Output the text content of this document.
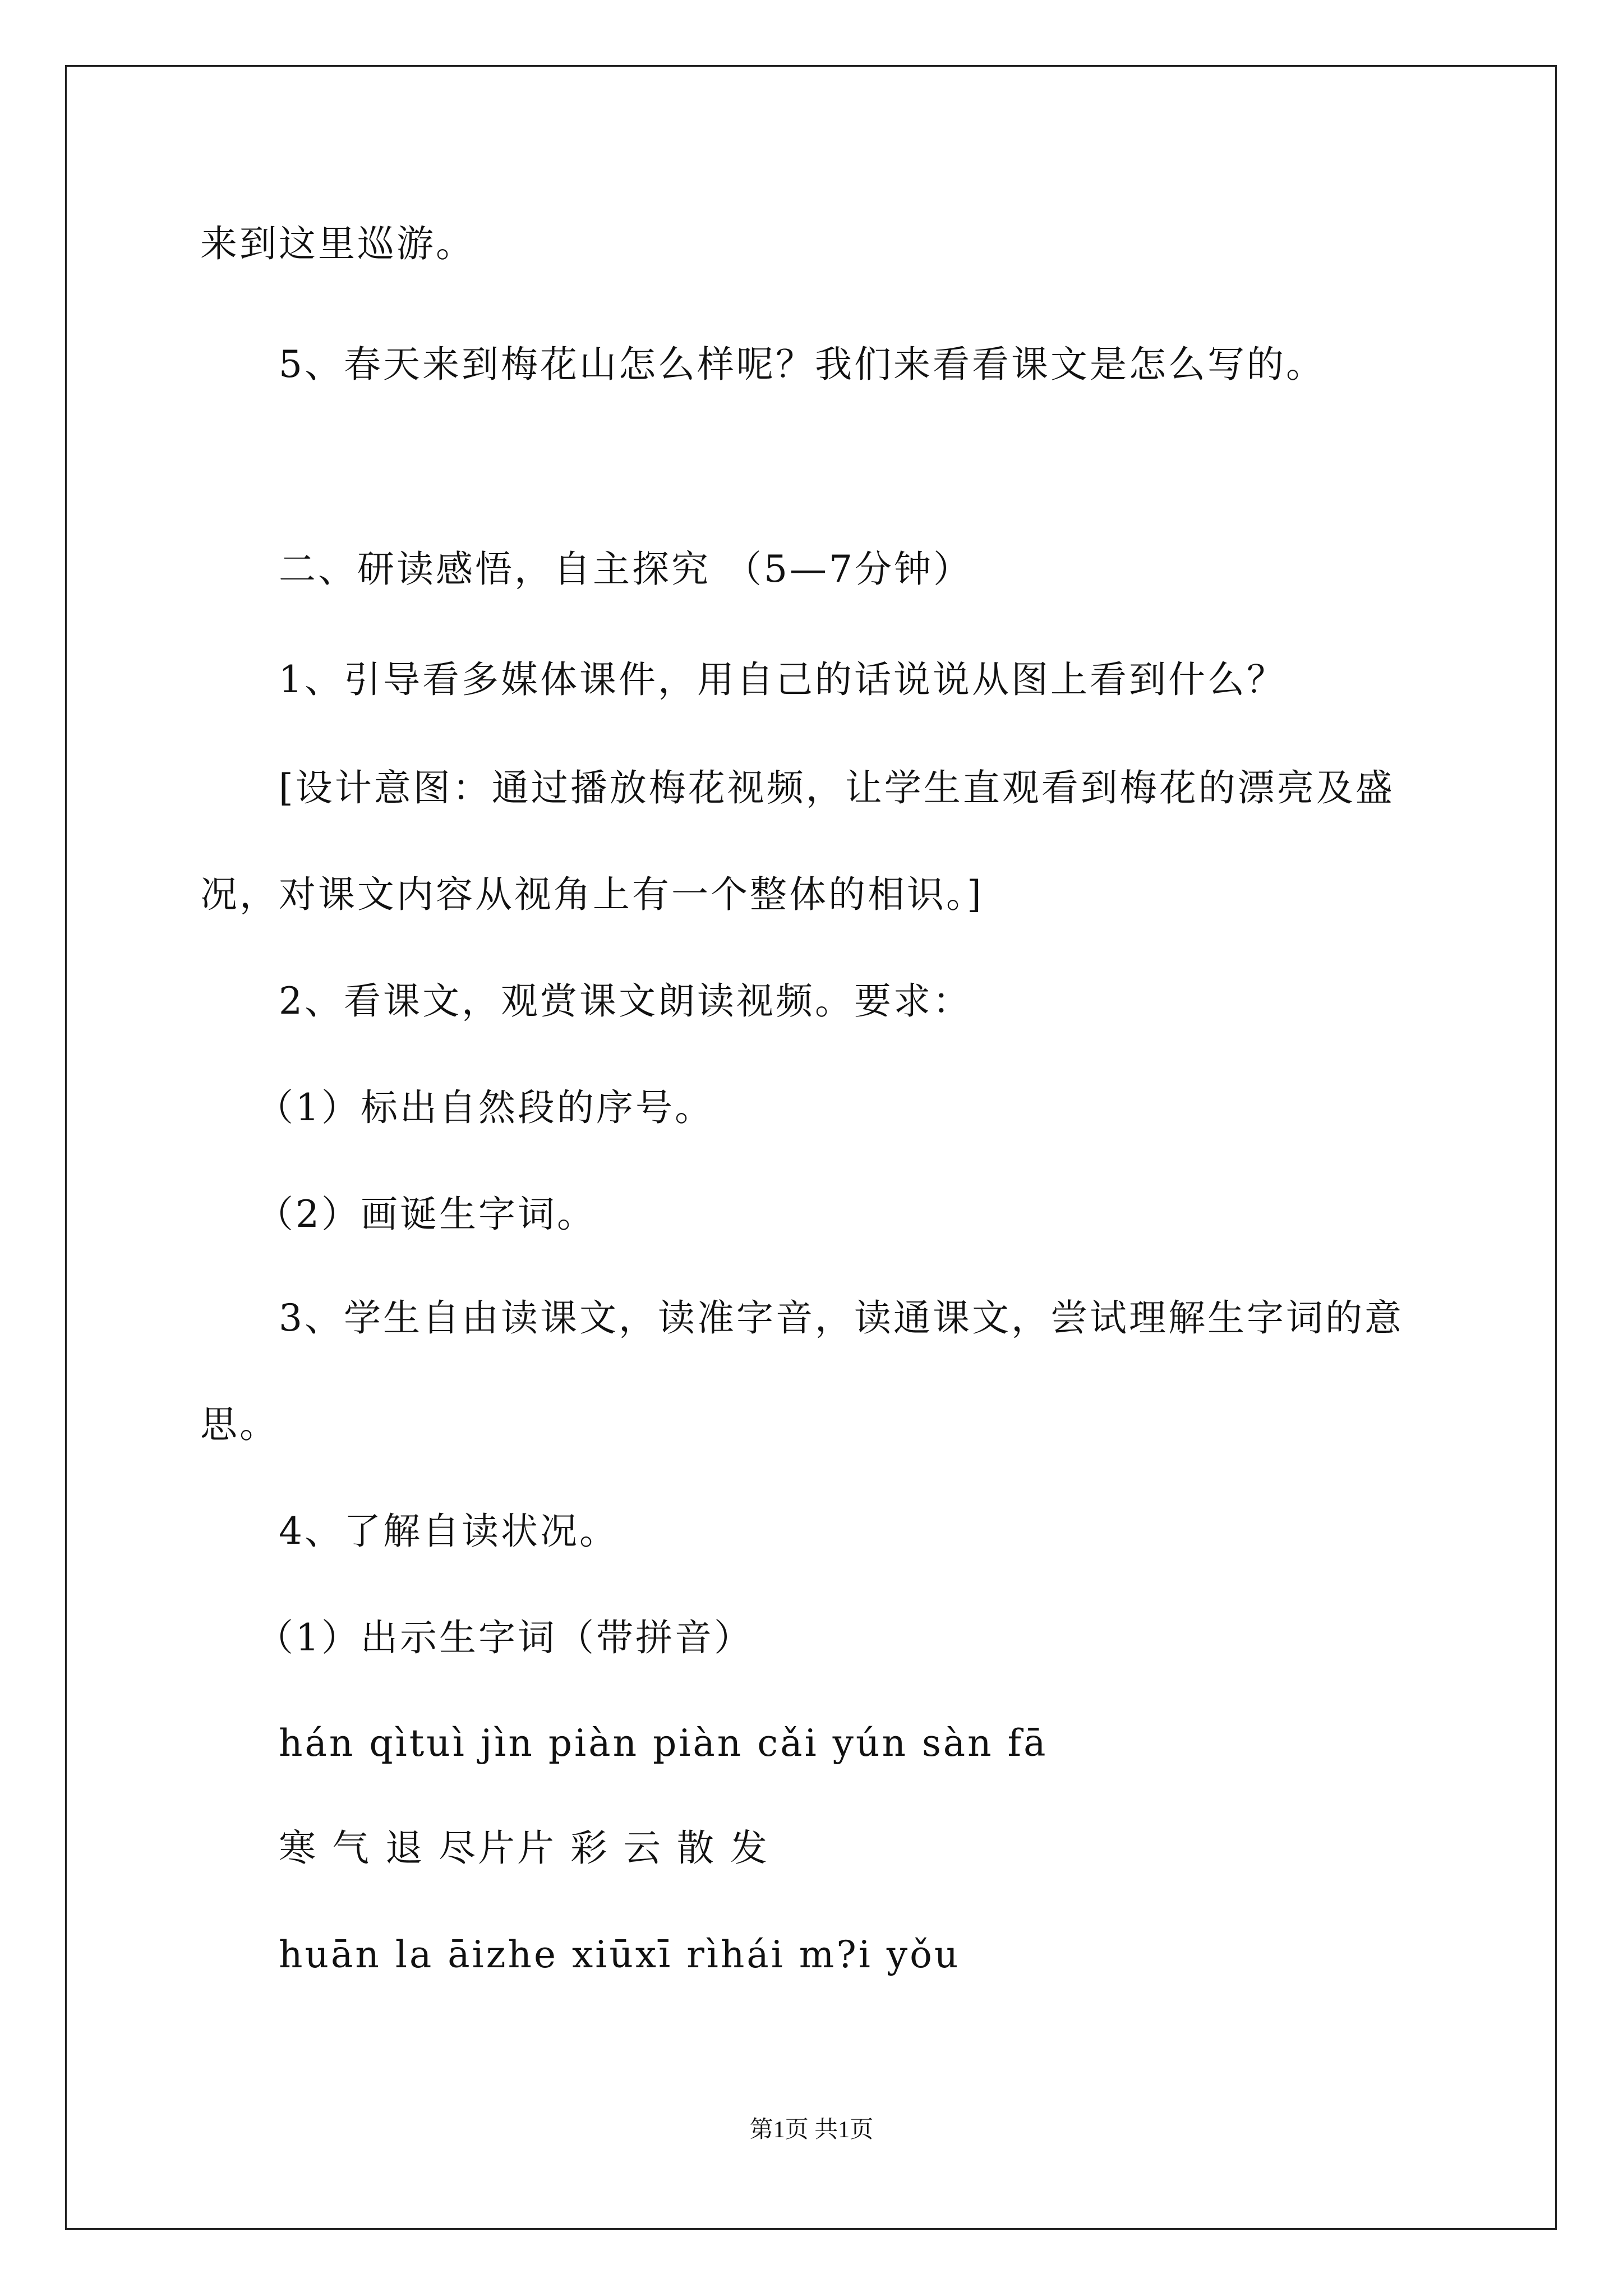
来到这里巡游。
5、春天来到梅花山怎么样呢？我们来看看课文是怎么写的。
二、研读感悟，自主探究 （5—7分钟）
1、引导看多媒体课件，用自己的话说说从图上看到什么？
[设计意图：通过播放梅花视频，让学生直观看到梅花的漂亮及盛
况，对课文内容从视角上有一个整体的相识。]
2、看课文，观赏课文朗读视频。要求：
（1）标出自然段的序号。
（2）画诞生字词。
3、学生自由读课文，读准字音，读通课文，尝试理解生字词的意
思。
4、了解自读状况。
（1）出示生字词（带拼音）
hán qìtuì jìn piàn piàn cǎi yún sàn fā
寒 气 退 尽片片 彩 云 散 发
huān la āizhe xiūxī rìhái m?i yǒu
第1页 共1页
